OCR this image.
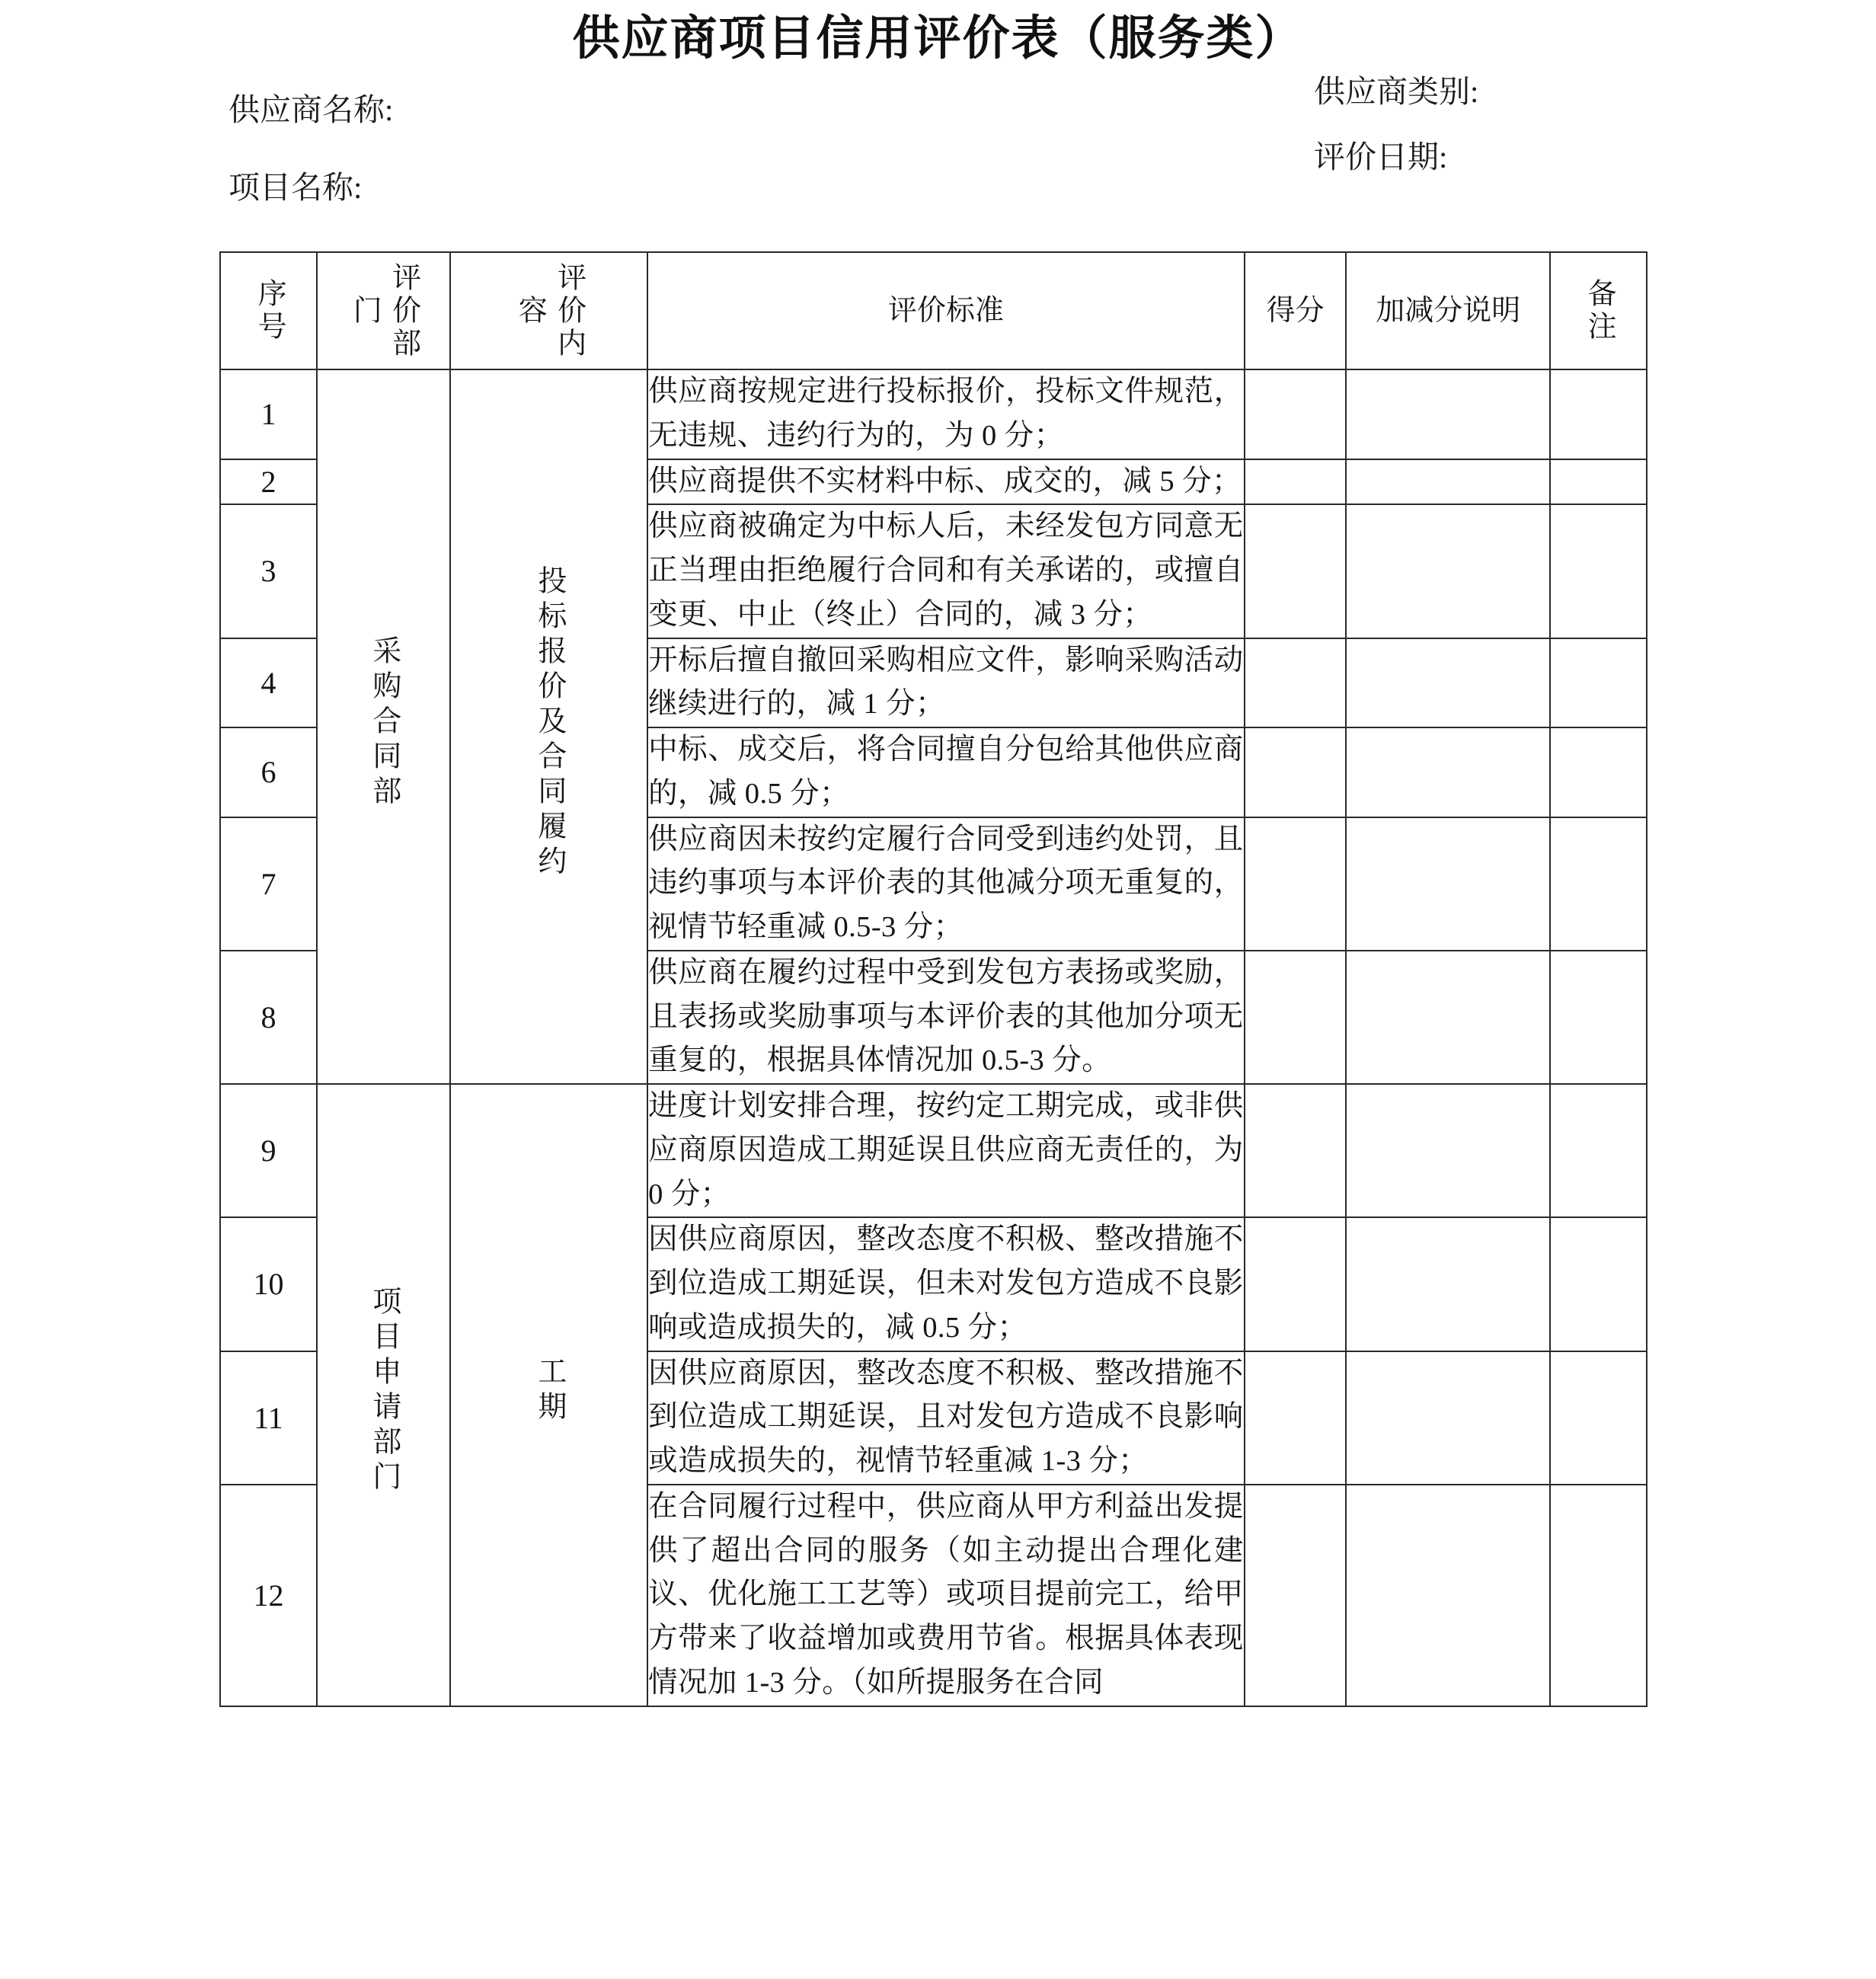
供应商项目信用评价表（服务类）
供应商名称:
项目名称:
供应商类别:
评价日期:
序号	评价部门	评价内容	评价标准	得分	加减分说明	备注

1	采购合同部	投标报价及合同履约	供应商按规定进行投标报价，投标文件规范，无违规、违约行为的，为 0 分；			
2			供应商提供不实材料中标、成交的，减 5 分；			
3			供应商被确定为中标人后，未经发包方同意无正当理由拒绝履行合同和有关承诺的，或擅自变更、中止（终止）合同的，减 3 分；			
4			开标后擅自撤回采购相应文件，影响采购活动继续进行的，减 1 分；			
6			中标、成交后，将合同擅自分包给其他供应商的，减 0.5 分；			
7			供应商因未按约定履行合同受到违约处罚，且违约事项与本评价表的其他减分项无重复的，视情节轻重减 0.5-3 分；			
8			供应商在履约过程中受到发包方表扬或奖励，且表扬或奖励事项与本评价表的其他加分项无重复的，根据具体情况加 0.5-3 分。			
9	项目申请部门	工期	进度计划安排合理，按约定工期完成，或非供应商原因造成工期延误且供应商无责任的，为 0 分；			
10			因供应商原因，整改态度不积极、整改措施不到位造成工期延误，但未对发包方造成不良影响或造成损失的，减 0.5 分；			
11			因供应商原因，整改态度不积极、整改措施不到位造成工期延误，且对发包方造成不良影响或造成损失的，视情节轻重减 1-3 分；			
12			在合同履行过程中，供应商从甲方利益出发提供了超出合同的服务（如主动提出合理化建议、优化施工工艺等）或项目提前完工，给甲方带来了收益增加或费用节省。根据具体表现情况加 1-3 分。（如所提服务在合同			
